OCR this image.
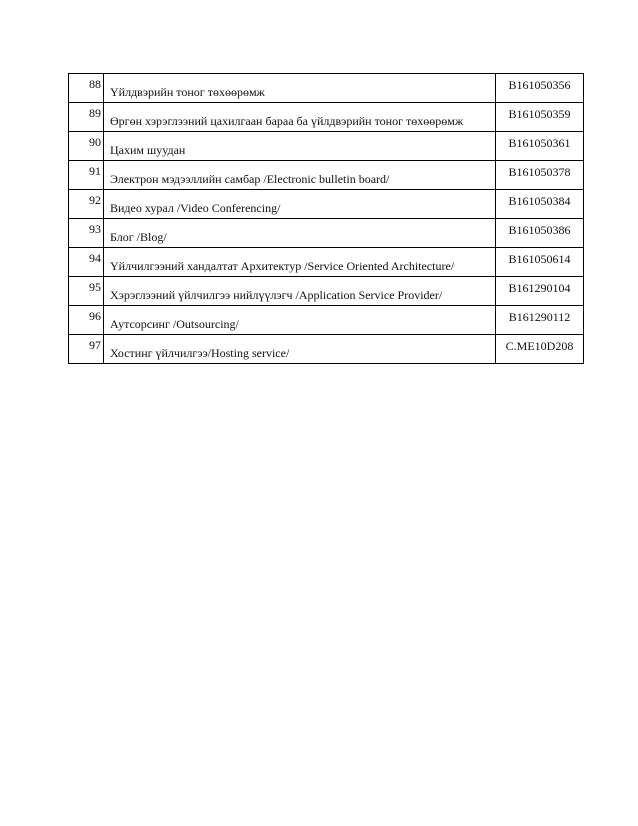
88	Үйлдвэрийн тоног төхөөрөмж	B161050356
89	Өргөн хэрэглээний цахилгаан бараа ба үйлдвэрийн тоног төхөөрөмж	B161050359
90	Цахим шуудан	B161050361
91	Электрон мэдээллийн самбар /Electronic bulletin board/	B161050378
92	Видео хурал /Video Conferencing/	B161050384
93	Блог /Blog/	B161050386
94	Үйлчилгээний хандалтат Архитектур /Service Oriented Architecture/	B161050614
95	Хэрэглээний үйлчилгээ нийлүүлэгч /Application Service Provider/	B161290104
96	Аутсорсинг /Outsourcing/	B161290112
97	Хостинг үйлчилгээ/Hosting service/	C.ME10D208
